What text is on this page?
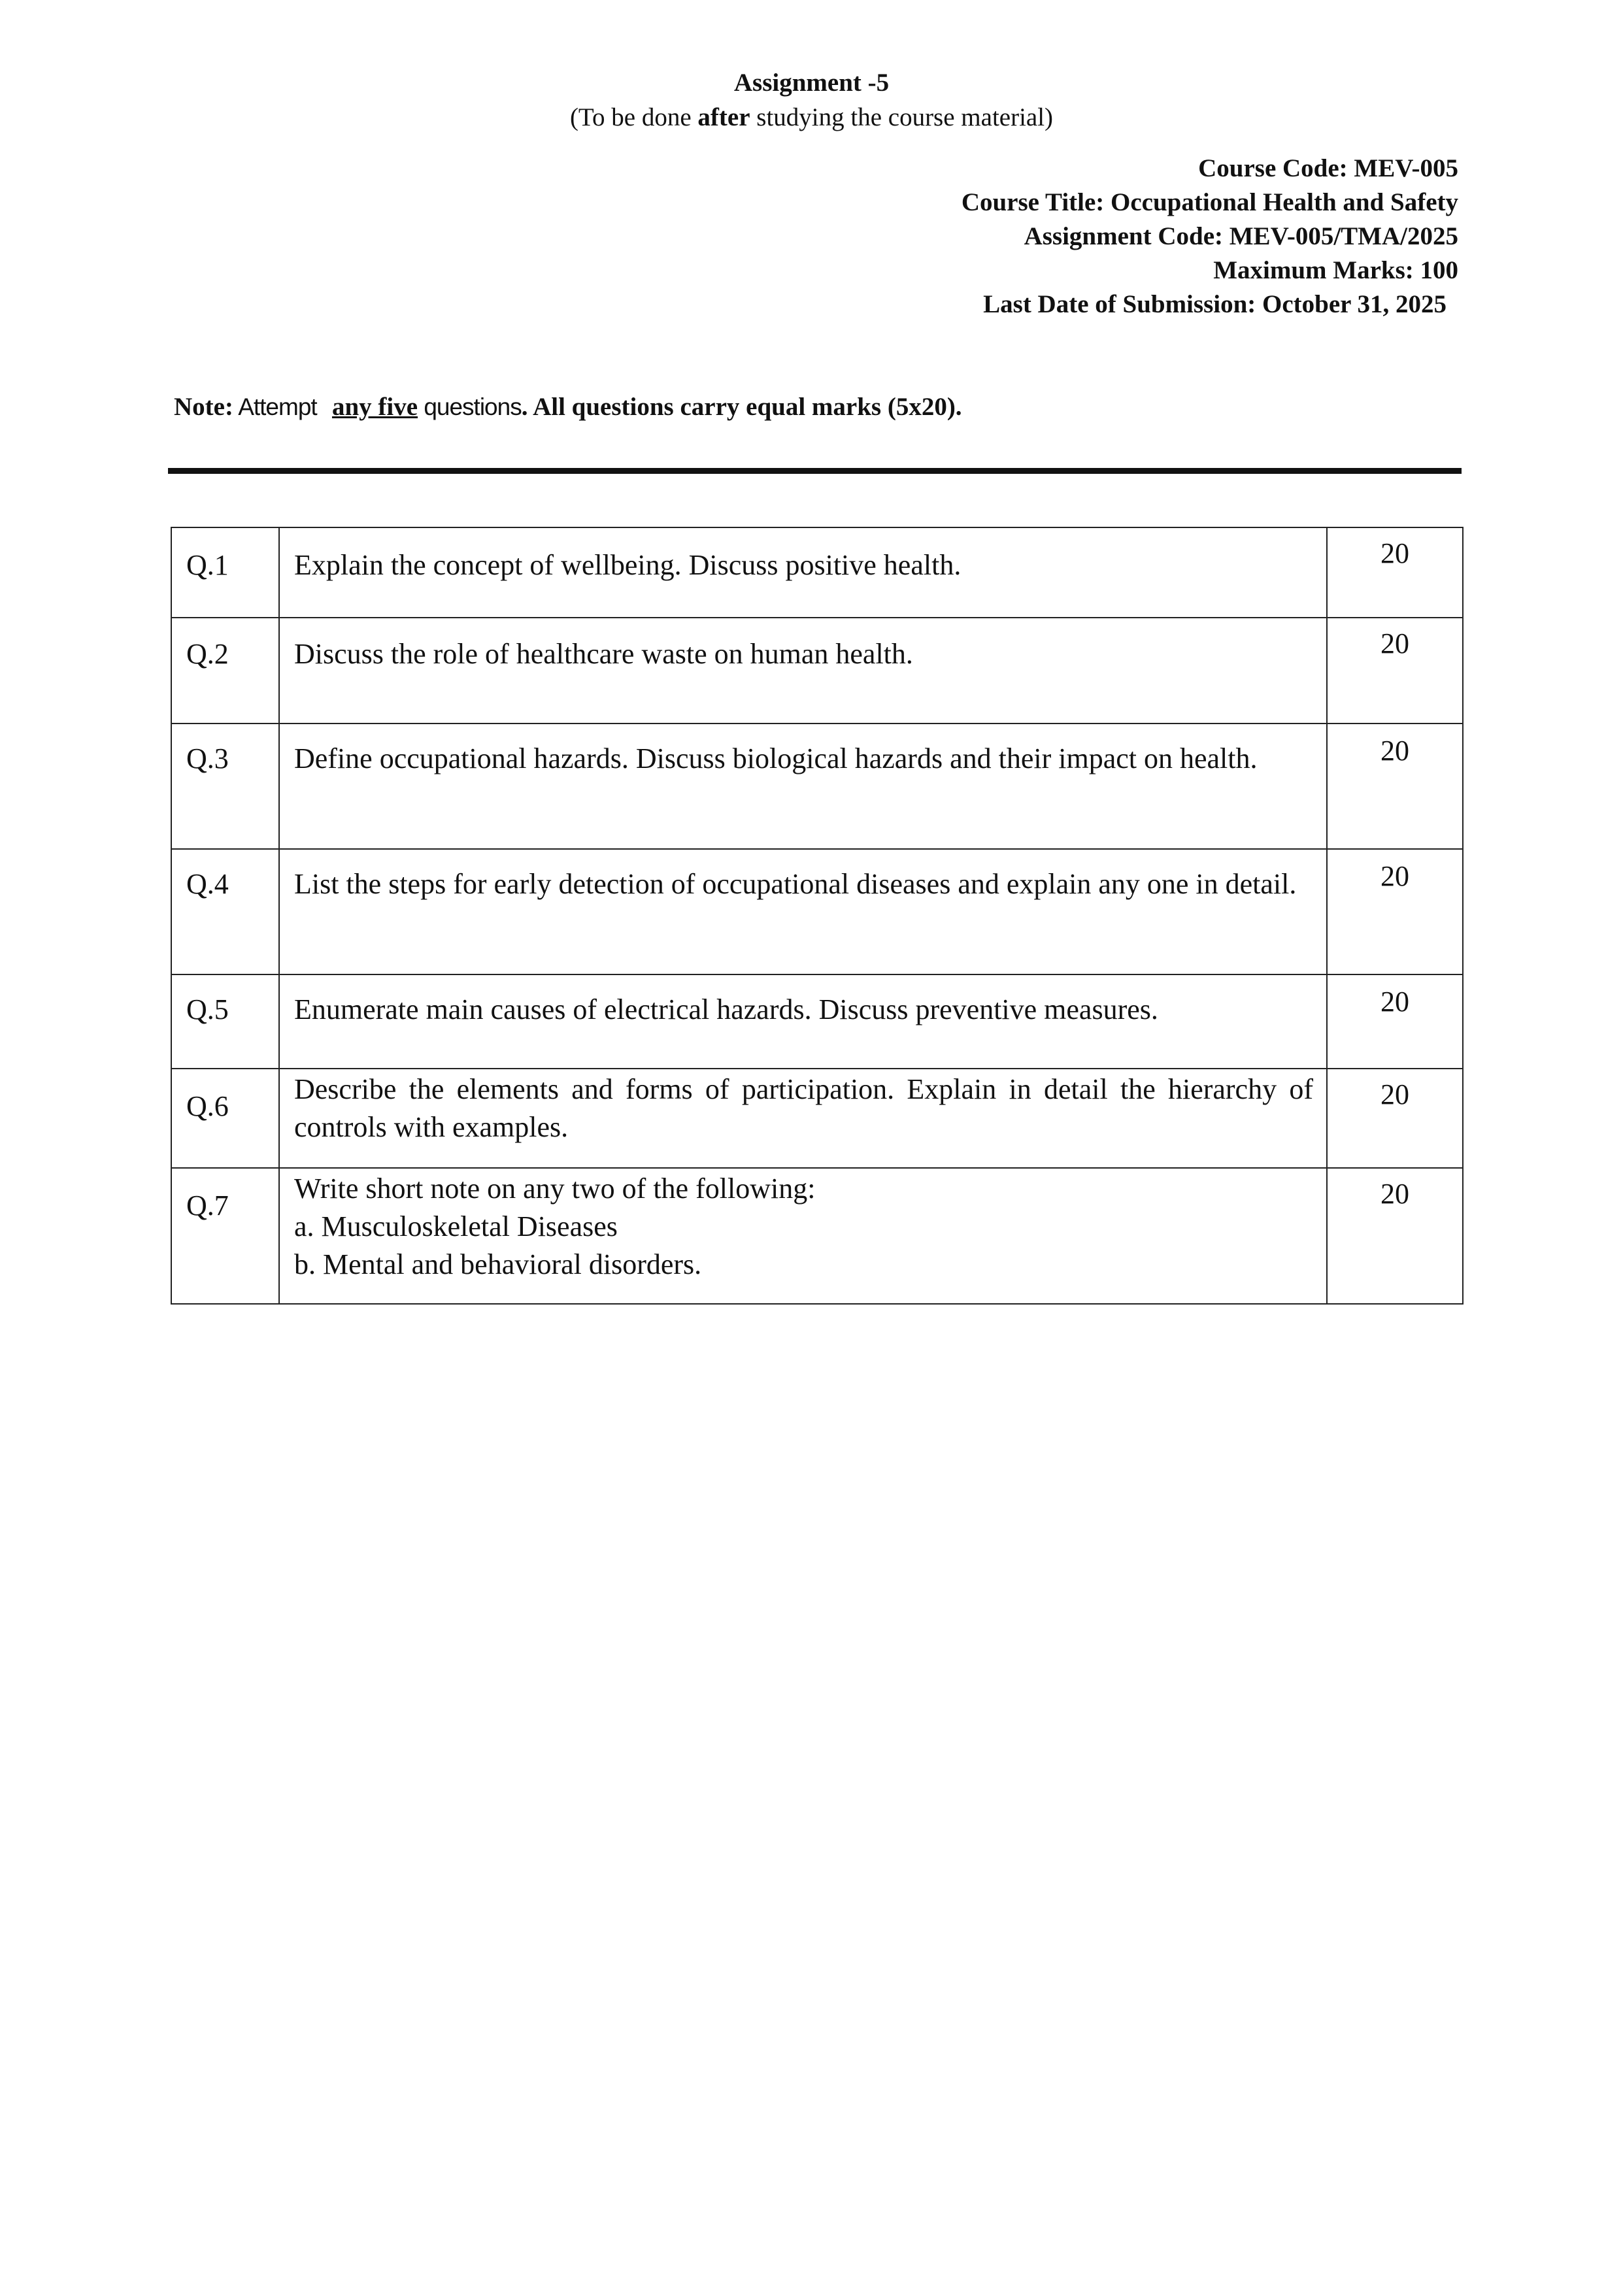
Assignment -5
(To be done after studying the course material)
Course Code: MEV-005
Course Title: Occupational Health and Safety
Assignment Code: MEV-005/TMA/2025
Maximum Marks: 100
Last Date of Submission: October 31, 2025
Note: Attempt any five questions. All questions carry equal marks (5x20).
Q.1	Explain the concept of wellbeing. Discuss positive health.	20
Q.2	Discuss the role of healthcare waste on human health.	20
Q.3	Define occupational hazards. Discuss biological hazards and their impact on health.	20
Q.4	List the steps for early detection of occupational diseases and explain any one in detail.	20
Q.5	Enumerate main causes of electrical hazards. Discuss preventive measures.	20
Q.6	Describe the elements and forms of participation. Explain in detail the hierarchy of controls with examples.	20
Q.7	Write short note on any two of the following:
a. Musculoskeletal Diseases
b. Mental and behavioral disorders.	20
